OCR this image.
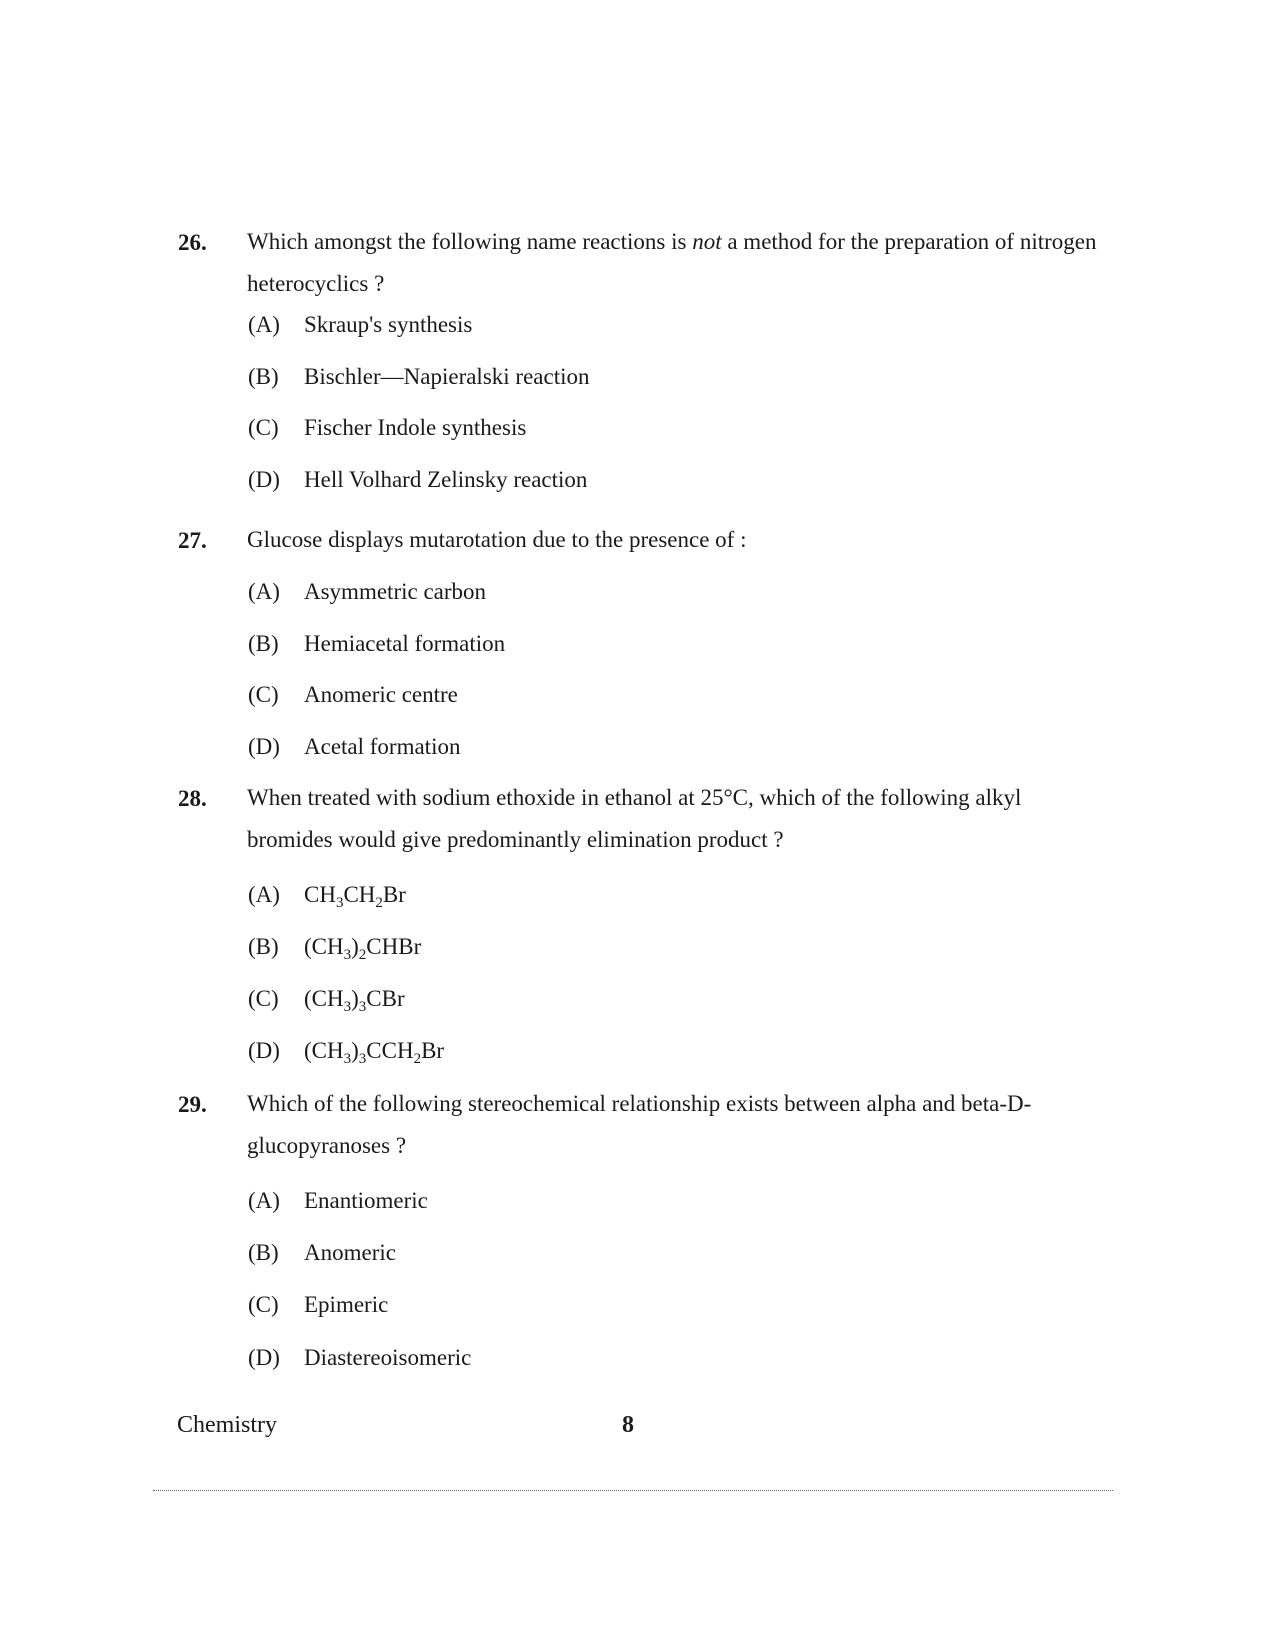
26. Which amongst the following name reactions is not a method for the preparation of nitrogen heterocyclics ?
(A) Skraup's synthesis
(B) Bischler—Napieralski reaction
(C) Fischer Indole synthesis
(D) Hell Volhard Zelinsky reaction
27. Glucose displays mutarotation due to the presence of :
(A) Asymmetric carbon
(B) Hemiacetal formation
(C) Anomeric centre
(D) Acetal formation
28. When treated with sodium ethoxide in ethanol at 25°C, which of the following alkyl bromides would give predominantly elimination product ?
(A) $CH_3CH_2Br$
(B) $(CH_3)_2CHBr$
(C) $(CH_3)_3CBr$
(D) $(CH_3)_3CCH_2Br$
29. Which of the following stereochemical relationship exists between alpha and beta-D-glucopyranoses ?
(A) Enantiomeric
(B) Anomeric
(C) Epimeric
(D) Diastereoisomeric
Chemistry	8
